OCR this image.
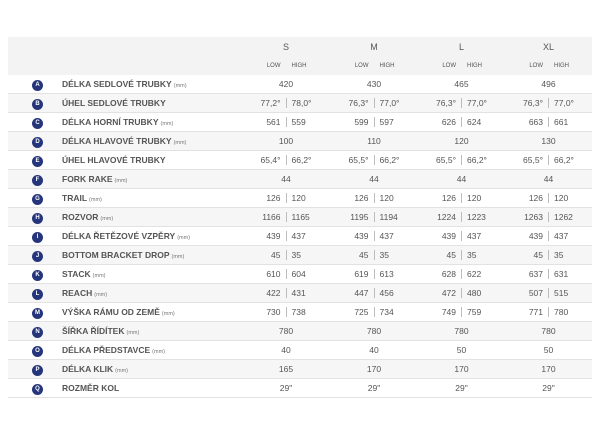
		S	M	L	XL

		LOW HIGH	LOW HIGH	LOW HIGH	LOW HIGH

A	DÉLKA SEDLOVÉ TRUBKY (mm)	420	430	465	496
B	ÚHEL SEDLOVÉ TRUBKY	77,2° 78,0°	76,3° 77,0°	76,3° 77,0°	76,3° 77,0°

C	DÉLKA HORNÍ TRUBKY (mm)	561 559	599 597	626 624	663 661

D	DÉLKA HLAVOVÉ TRUBKY (mm)	100	110	120	130
E	ÚHEL HLAVOVÉ TRUBKY	65,4° 66,2°	65,5° 66,2°	65,5° 66,2°	65,5° 66,2°

F	FORK RAKE (mm)	44	44	44	44
G	TRAIL (mm)	126 120	126 120	126 120	126 120

H	ROZVOR (mm)	1166 1165	1195 1194	1224 1223	1263 1262

I	DÉLKA ŘETĚZOVÉ VZPĚRY (mm)	439 437	439 437	439 437	439 437

J	BOTTOM BRACKET DROP (mm)	45 35	45 35	45 35	45 35

K	STACK (mm)	610 604	619 613	628 622	637 631

L	REACH (mm)	422 431	447 456	472 480	507 515

M	VÝŠKA RÁMU OD ZEMĚ (mm)	730 738	725 734	749 759	771 780

N	ŠÍŘKA ŘÍDÍTEK (mm)	780	780	780	780
O	DÉLKA PŘEDSTAVCE (mm)	40	40	50	50
P	DÉLKA KLIK (mm)	165	170	170	170
Q	ROZMĚR KOL	29"	29"	29"	29"
